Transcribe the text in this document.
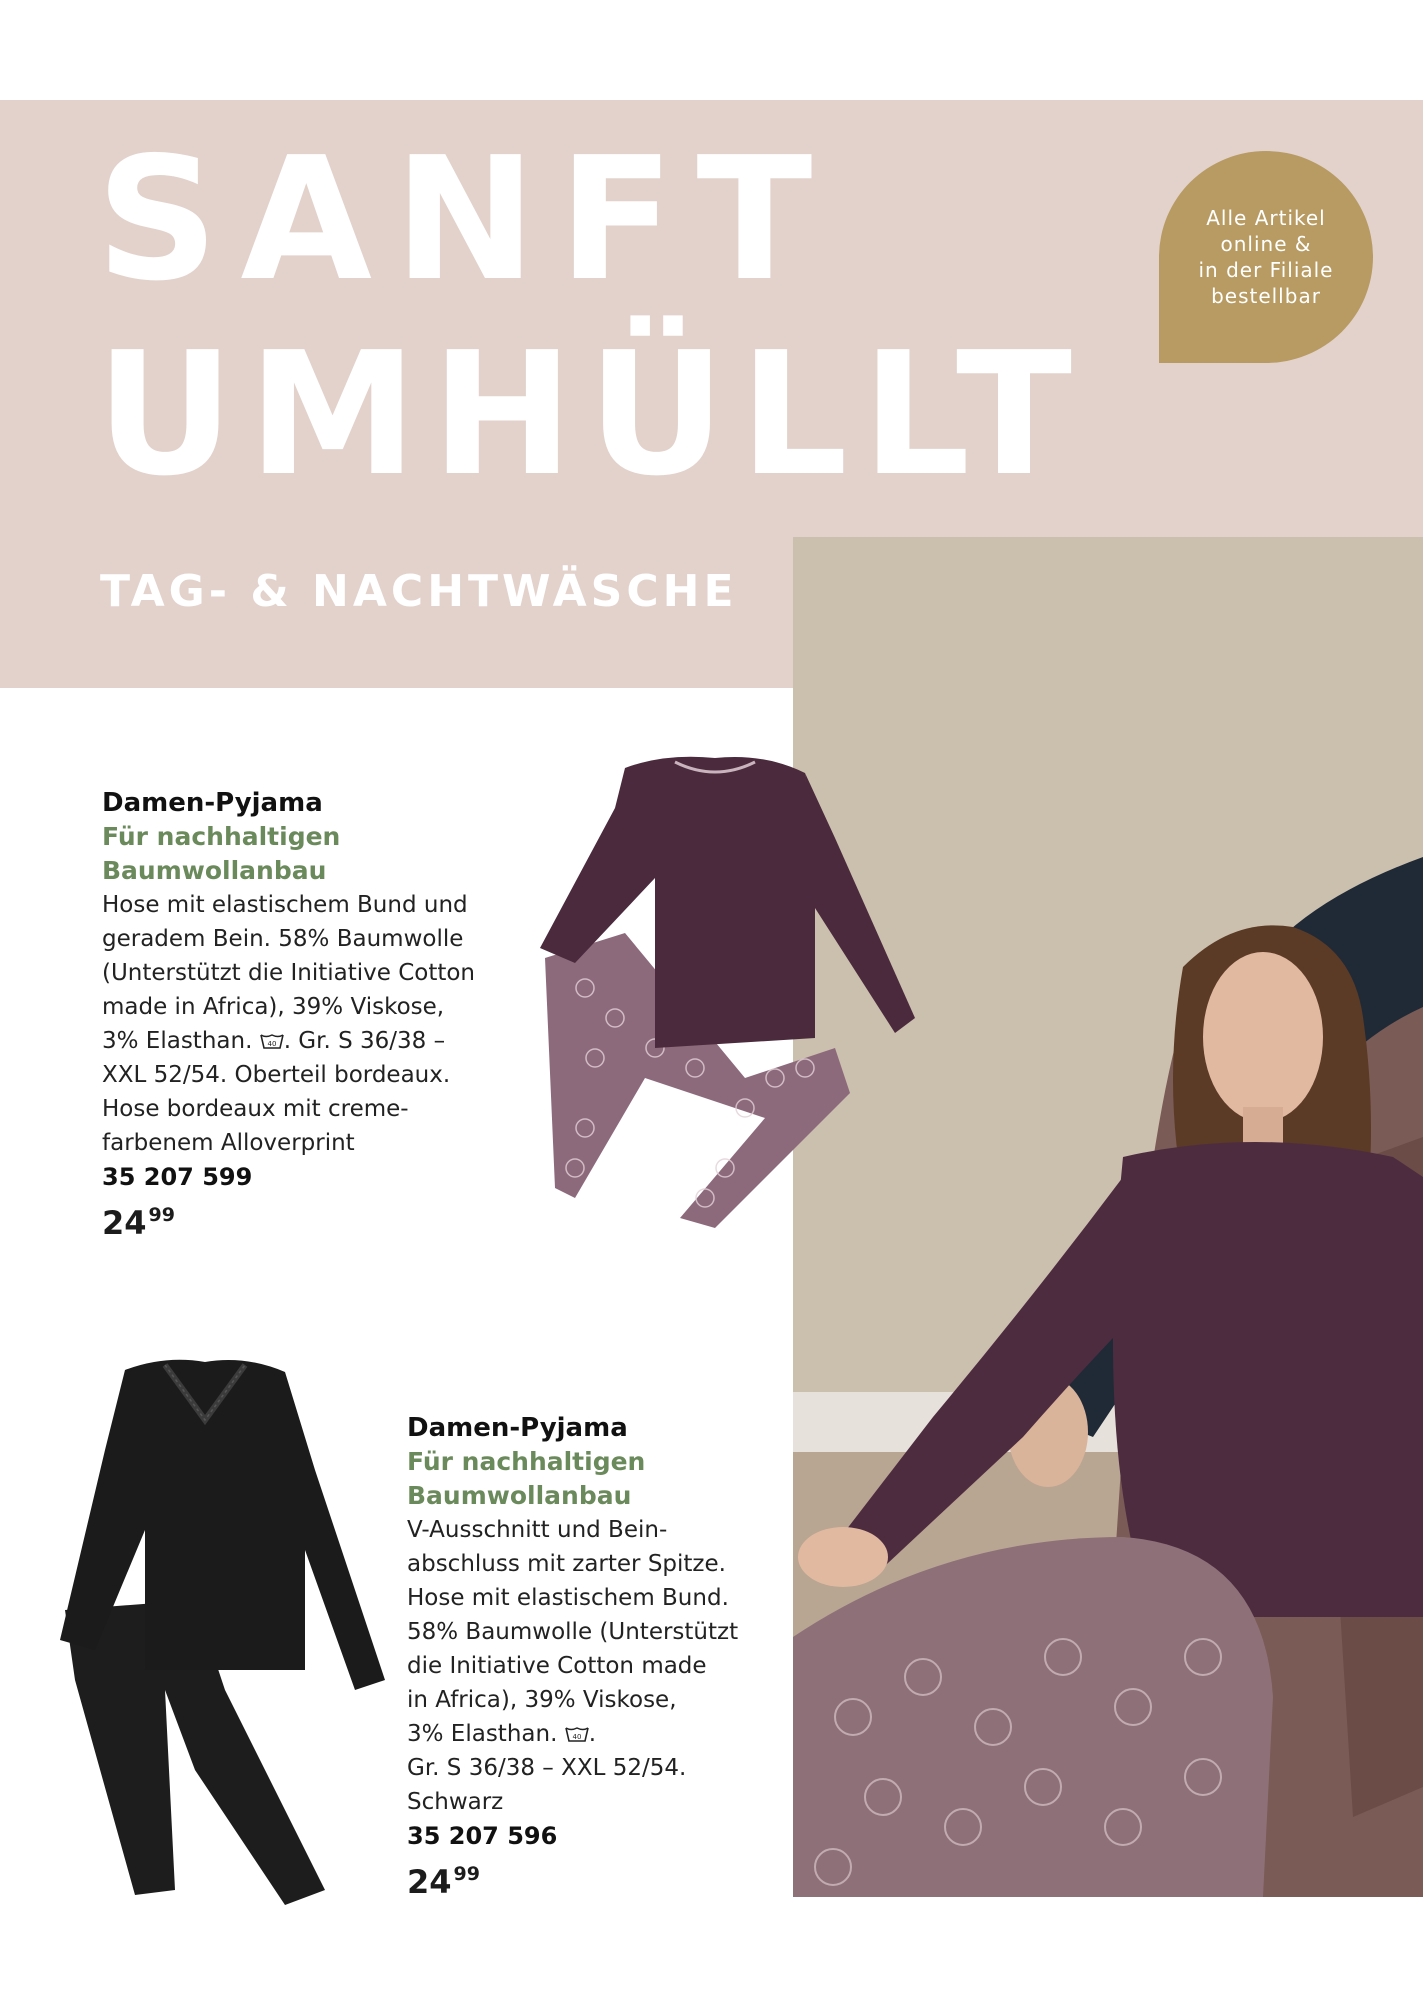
SANFT
UMHÜLLT
TAG- & NACHTWÄSCHE
Alle Artikel
online &
in der Filiale
bestellbar
Damen-Pyjama
Für nachhaltigen
Baumwollanbau
Hose mit elastischem Bund und
geradem Bein. 58% Baumwolle
(Unterstützt die Initiative Cotton
made in Africa), 39% Viskose,
3% Elasthan. 40 . Gr. S 36/38 –
XXL 52/54. Oberteil bordeaux.
Hose bordeaux mit creme-
farbenem Alloverprint
35 207 599
24 $^{99}$
Damen-Pyjama
Für nachhaltigen
Baumwollanbau
V-Ausschnitt und Bein-
abschluss mit zarter Spitze.
Hose mit elastischem Bund.
58% Baumwolle (Unterstützt
die Initiative Cotton made
in Africa), 39% Viskose,
3% Elasthan. 40 .
Gr. S 36/38 – XXL 52/54.
Schwarz
35 207 596
24 $^{99}$
